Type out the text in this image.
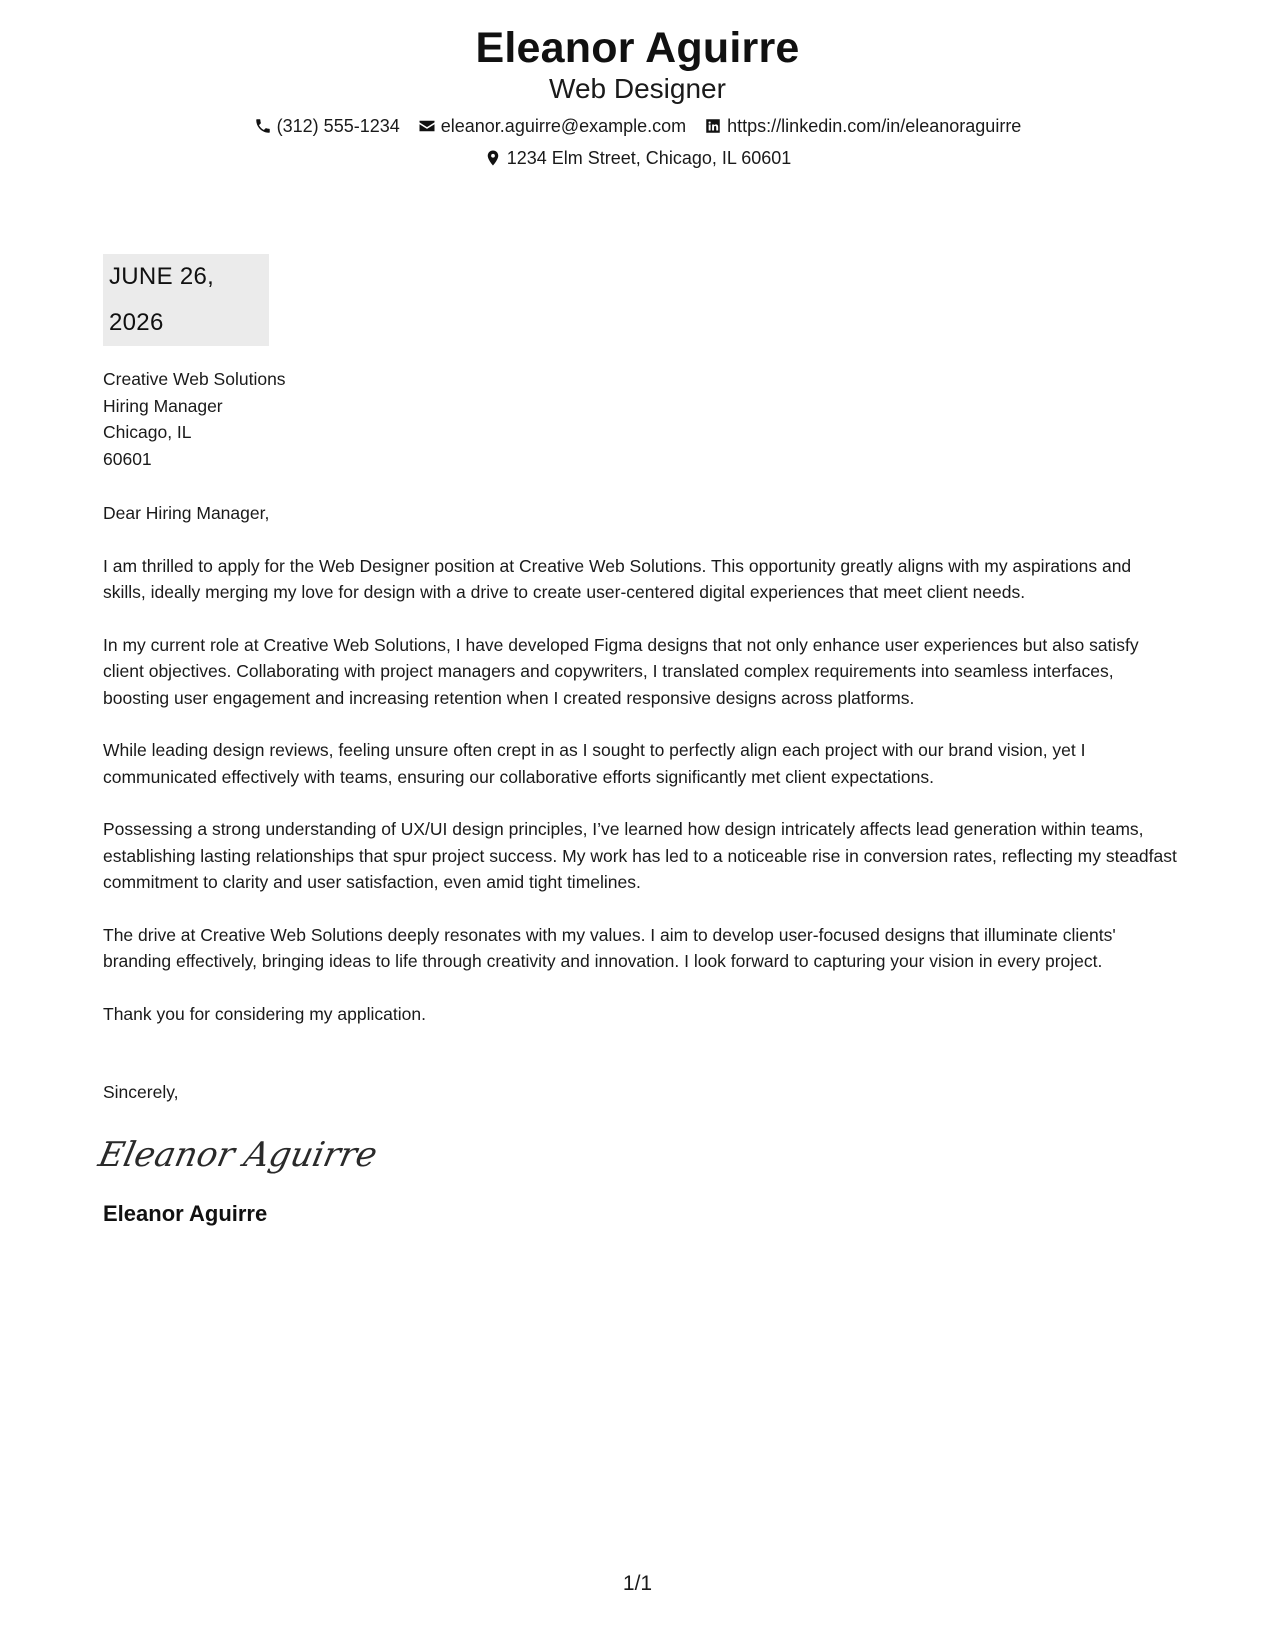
Eleanor Aguirre
Web Designer
(312) 555-1234 eleanor.aguirre@example.com https://linkedin.com/in/eleanoraguirre
1234 Elm Street, Chicago, IL 60601
JUNE 26, 2026
Creative Web Solutions
Hiring Manager
Chicago, IL
60601
Dear Hiring Manager,
I am thrilled to apply for the Web Designer position at Creative Web Solutions. This opportunity greatly aligns with my aspirations and skills, ideally merging my love for design with a drive to create user-centered digital experiences that meet client needs.
In my current role at Creative Web Solutions, I have developed Figma designs that not only enhance user experiences but also satisfy client objectives. Collaborating with project managers and copywriters, I translated complex requirements into seamless interfaces, boosting user engagement and increasing retention when I created responsive designs across platforms.
While leading design reviews, feeling unsure often crept in as I sought to perfectly align each project with our brand vision, yet I communicated effectively with teams, ensuring our collaborative efforts significantly met client expectations.
Possessing a strong understanding of UX/UI design principles, I’ve learned how design intricately affects lead generation within teams, establishing lasting relationships that spur project success. My work has led to a noticeable rise in conversion rates, reflecting my steadfast commitment to clarity and user satisfaction, even amid tight timelines.
The drive at Creative Web Solutions deeply resonates with my values. I aim to develop user-focused designs that illuminate clients' branding effectively, bringing ideas to life through creativity and innovation. I look forward to capturing your vision in every project.
Thank you for considering my application.
Sincerely,
Eleanor Aguirre
Eleanor Aguirre
1/1
